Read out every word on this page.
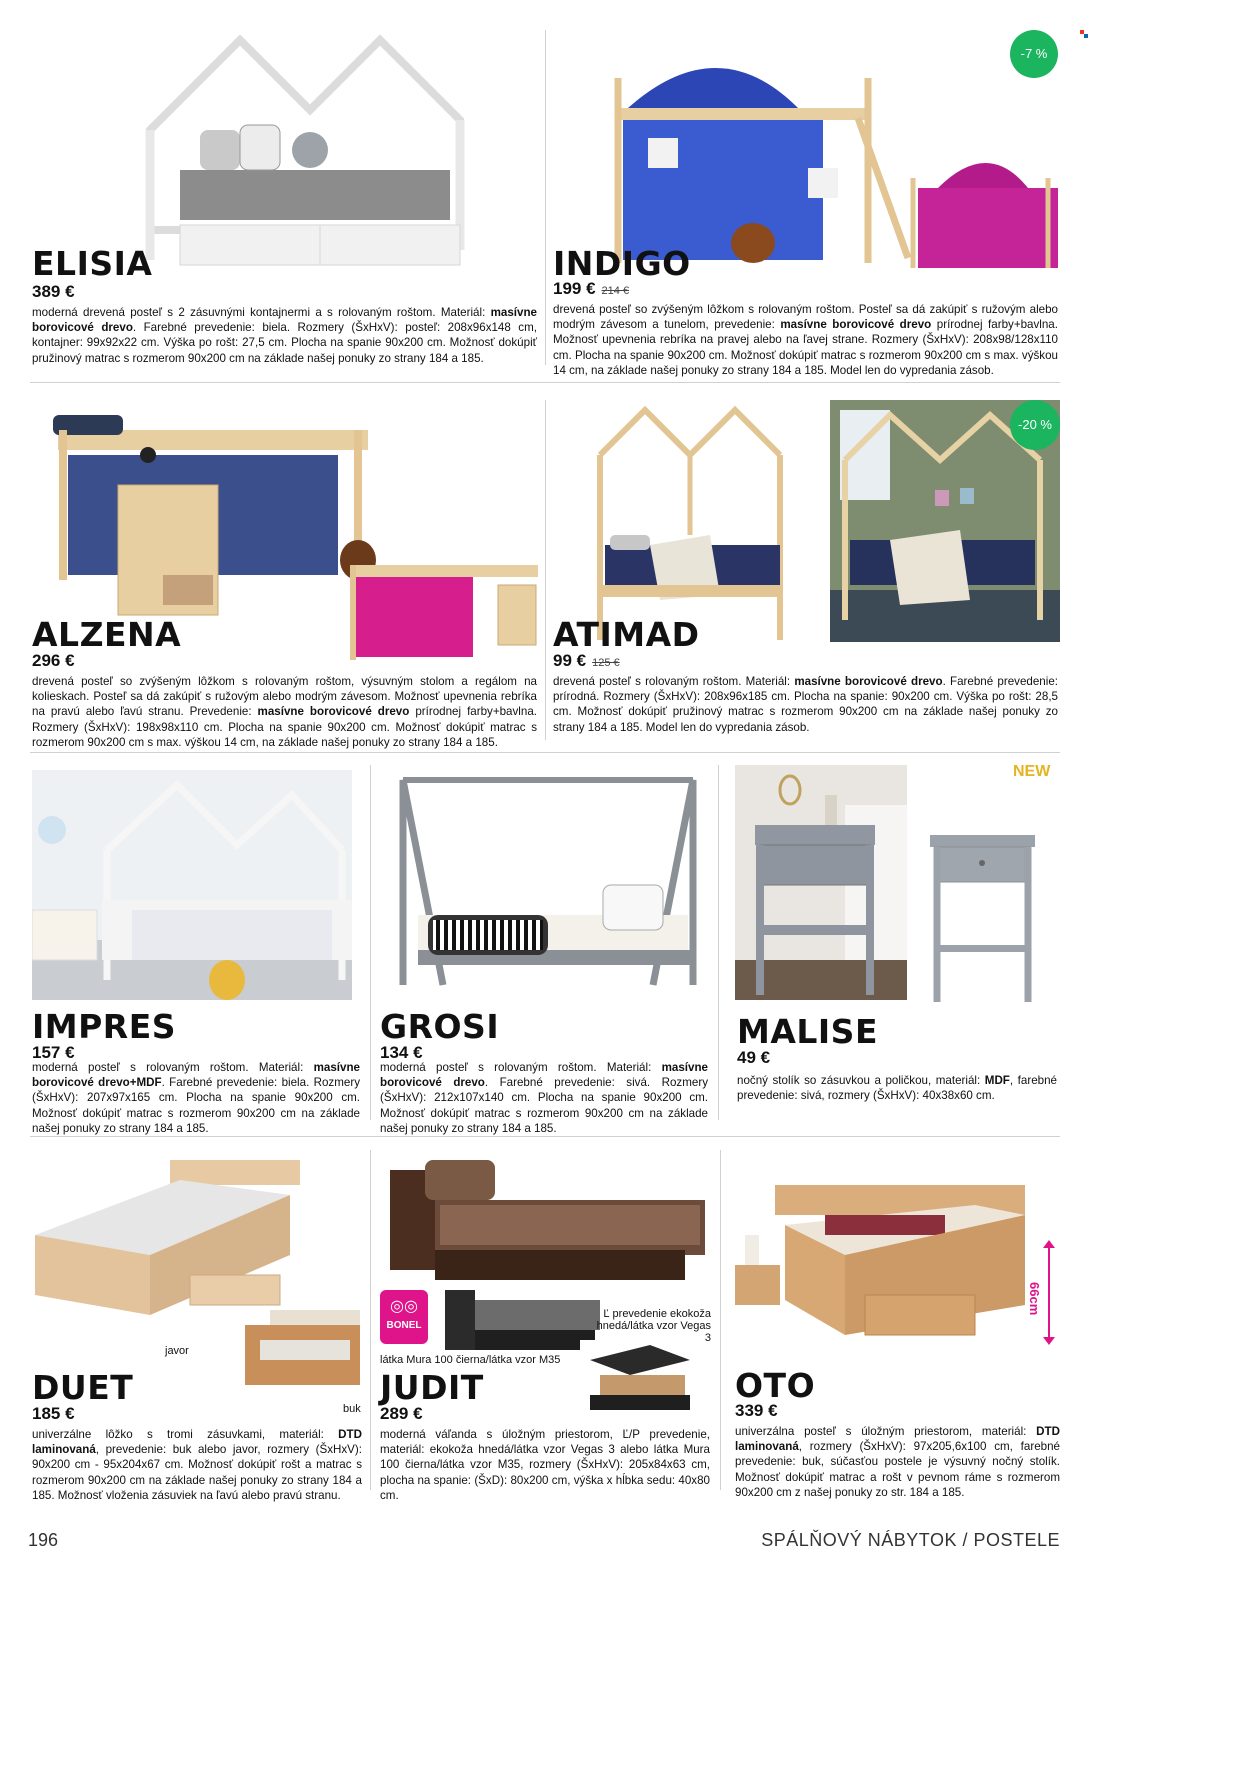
ELISIA
389 €
moderná drevená posteľ s 2 zásuvnými kontajnermi a s rolovaným roštom. Materiál: masívne borovicové drevo. Farebné prevedenie: biela. Rozmery (ŠxHxV): posteľ: 208x96x148 cm, kontajner: 99x92x22 cm. Výška po rošt: 27,5 cm. Plocha na spanie 90x200 cm. Možnosť dokúpiť pružinový matrac s rozmerom 90x200 cm na základe našej ponuky zo strany 184 a 185.
-7 %
INDIGO
199 € 214 €
drevená posteľ so zvýšeným lôžkom s rolovaným roštom. Posteľ sa dá zakúpiť s ružovým alebo modrým závesom a tunelom, prevedenie: masívne borovicové drevo prírodnej farby+bavlna. Možnosť upevnenia rebríka na pravej alebo na ľavej strane. Rozmery (ŠxHxV): 208x98/128x110 cm. Plocha na spanie 90x200 cm. Možnosť dokúpiť matrac s rozmerom 90x200 cm s max. výškou 14 cm, na základe našej ponuky zo strany 184 a 185. Model len do vypredania zásob.
ALZENA
296 €
drevená posteľ so zvýšeným lôžkom s rolovaným roštom, výsuvným stolom a regálom na kolieskach. Posteľ sa dá zakúpiť s ružovým alebo modrým závesom. Možnosť upevnenia rebríka na pravú alebo ľavú stranu. Prevedenie: masívne borovicové drevo prírodnej farby+bavlna. Rozmery (ŠxHxV): 198x98x110 cm. Plocha na spanie 90x200 cm. Možnosť dokúpiť matrac s rozmerom 90x200 cm s max. výškou 14 cm, na základe našej ponuky zo strany 184 a 185.
-20 %
ATIMAD
99 € 125 €
drevená posteľ s rolovaným roštom. Materiál: masívne borovicové drevo. Farebné prevedenie: prírodná. Rozmery (ŠxHxV): 208x96x185 cm. Plocha na spanie: 90x200 cm. Výška po rošt: 28,5 cm. Možnosť dokúpiť pružinový matrac s rozmerom 90x200 cm na základe našej ponuky zo strany 184 a 185. Model len do vypredania zásob.
IMPRES
157 €
moderná posteľ s rolovaným roštom. Materiál: masívne borovicové drevo+MDF. Farebné prevedenie: biela. Rozmery (ŠxHxV): 207x97x165 cm. Plocha na spanie 90x200 cm. Možnosť dokúpiť matrac s rozmerom 90x200 cm na základe našej ponuky zo strany 184 a 185.
GROSI
134 €
moderná posteľ s rolovaným roštom. Materiál: masívne borovicové drevo. Farebné prevedenie: sivá. Rozmery (ŠxHxV): 212x107x140 cm. Plocha na spanie 90x200 cm. Možnosť dokúpiť matrac s rozmerom 90x200 cm na základe našej ponuky zo strany 184 a 185.
NEW
MALISE
49 €
nočný stolík so zásuvkou a poličkou, materiál: MDF, farebné prevedenie: sivá, rozmery (ŠxHxV): 40x38x60 cm.
javor
buk
DUET
185 €
univerzálne lôžko s tromi zásuvkami, materiál: DTD laminovaná, prevedenie: buk alebo javor, rozmery (ŠxHxV): 90x200 cm - 95x204x67 cm. Možnosť dokúpiť rošt a matrac s rozmerom 90x200 cm na základe našej ponuky zo strany 184 a 185. Možnosť vloženia zásuviek na ľavú alebo pravú stranu.
◎◎
BONEL
Ľ prevedenie ekokoža hnedá/látka vzor Vegas 3
látka Mura 100 čierna/látka vzor M35
JUDIT
289 €
moderná váľanda s úložným priestorom, Ľ/P prevedenie, materiál: ekokoža hnedá/látka vzor Vegas 3 alebo látka Mura 100 čierna/látka vzor M35, rozmery (ŠxHxV): 205x84x63 cm, plocha na spanie: (ŠxD): 80x200 cm, výška x hĺbka sedu: 40x80 cm.
66cm
OTO
339 €
univerzálna posteľ s úložným priestorom, materiál: DTD laminovaná, rozmery (ŠxHxV): 97x205,6x100 cm, farebné prevedenie: buk, súčasťou postele je výsuvný nočný stolík. Možnosť dokúpiť matrac a rošt v pevnom ráme s rozmerom 90x200 cm z našej ponuky zo str. 184 a 185.
196	SPÁLŇOVÝ NÁBYTOK / POSTELE
